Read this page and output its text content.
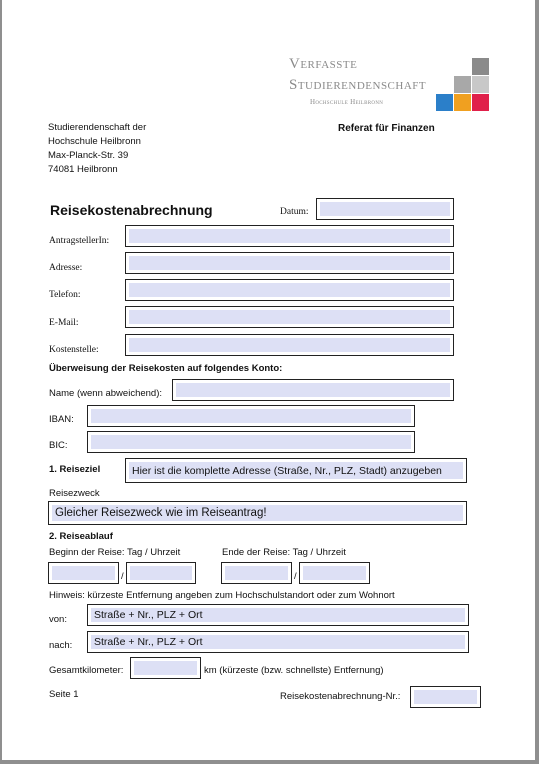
Verfasste
Studierendenschaft
Hochschule Heilbronn
Studierendenschaft der
Hochschule Heilbronn
Max-Planck-Str. 39
74081 Heilbronn
Referat für Finanzen
Reisekostenabrechnung	Datum:
AntragstellerIn:
Adresse:
Telefon:
E-Mail:
Kostenstelle:
Überweisung der Reisekosten auf folgendes Konto:
Name (wenn abweichend):
IBAN:
BIC:
1. Reiseziel	Hier ist die komplette Adresse (Straße, Nr., PLZ, Stadt) anzugeben
Reisezweck
Gleicher Reisezweck wie im Reiseantrag!
2. Reiseablauf
Beginn der Reise: Tag / Uhrzeit	Ende der Reise: Tag / Uhrzeit
/	/
Hinweis: kürzeste Entfernung angeben zum Hochschulstandort oder zum Wohnort
von:	Straße + Nr., PLZ + Ort
nach: Straße + Nr., PLZ + Ort
Gesamtkilometer:	km (kürzeste (bzw. schnellste) Entfernung)
Seite 1	Reisekostenabrechnung-Nr.:
